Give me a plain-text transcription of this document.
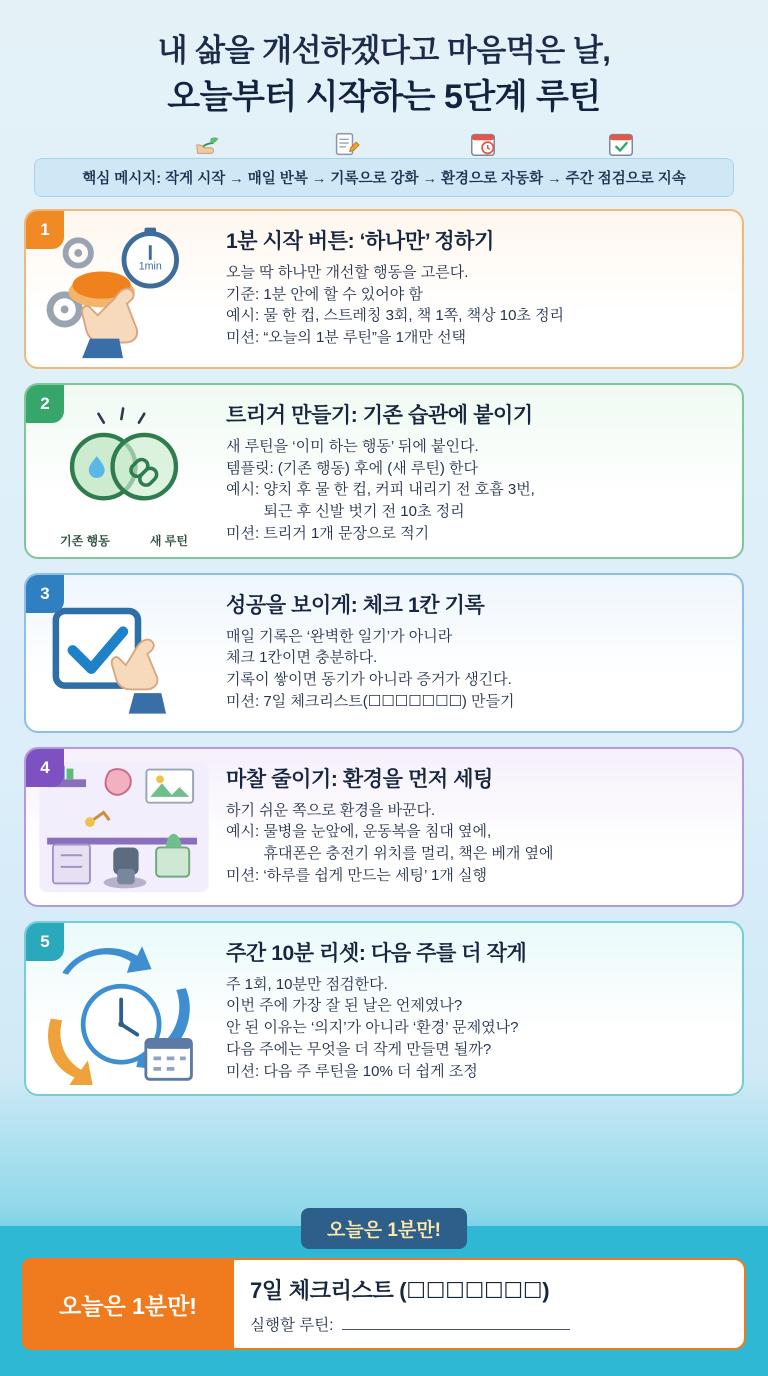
내 삶을 개선하겠다고 마음먹은 날,
오늘부터 시작하는 5단계 루틴
핵심 메시지: 작게 시작 → 매일 반복 → 기록으로 강화 → 환경으로 자동화 → 주간 점검으로 지속
1
1min
1분 시작 버튼: ‘하나만’ 정하기
오늘 딱 하나만 개선할 행동을 고른다.
기준: 1분 안에 할 수 있어야 함
예시: 물 한 컵, 스트레칭 3회, 책 1쪽, 책상 10초 정리
미션: “오늘의 1분 루틴”을 1개만 선택
2
기존 행동	새 루틴
트리거 만들기: 기존 습관에 붙이기
새 루틴을 ‘이미 하는 행동’ 뒤에 붙인다.
템플릿: (기존 행동) 후에 (새 루틴) 한다
예시: 양치 후 물 한 컵, 커피 내리기 전 호흡 3번,
퇴근 후 신발 벗기 전 10초 정리
미션: 트리거 1개 문장으로 적기
3
성공을 보이게: 체크 1칸 기록
매일 기록은 ‘완벽한 일기’가 아니라
체크 1칸이면 충분하다.
기록이 쌓이면 동기가 아니라 증거가 생긴다.
미션: 7일 체크리스트(☐☐☐☐☐☐☐) 만들기
4
마찰 줄이기: 환경을 먼저 세팅
하기 쉬운 쪽으로 환경을 바꾼다.
예시: 물병을 눈앞에, 운동복을 침대 옆에,
휴대폰은 충전기 위치를 멀리, 책은 베개 옆에
미션: ‘하루를 쉽게 만드는 세팅’ 1개 실행
5
주간 10분 리셋: 다음 주를 더 작게
주 1회, 10분만 점검한다.
이번 주에 가장 잘 된 날은 언제였나?
안 된 이유는 ‘의지’가 아니라 ‘환경’ 문제였나?
다음 주에는 무엇을 더 작게 만들면 될까?
미션: 다음 주 루틴을 10% 더 쉽게 조정
오늘은 1분만!
오늘은 1분만!
7일 체크리스트 (☐☐☐☐☐☐☐)
실행할 루틴:
